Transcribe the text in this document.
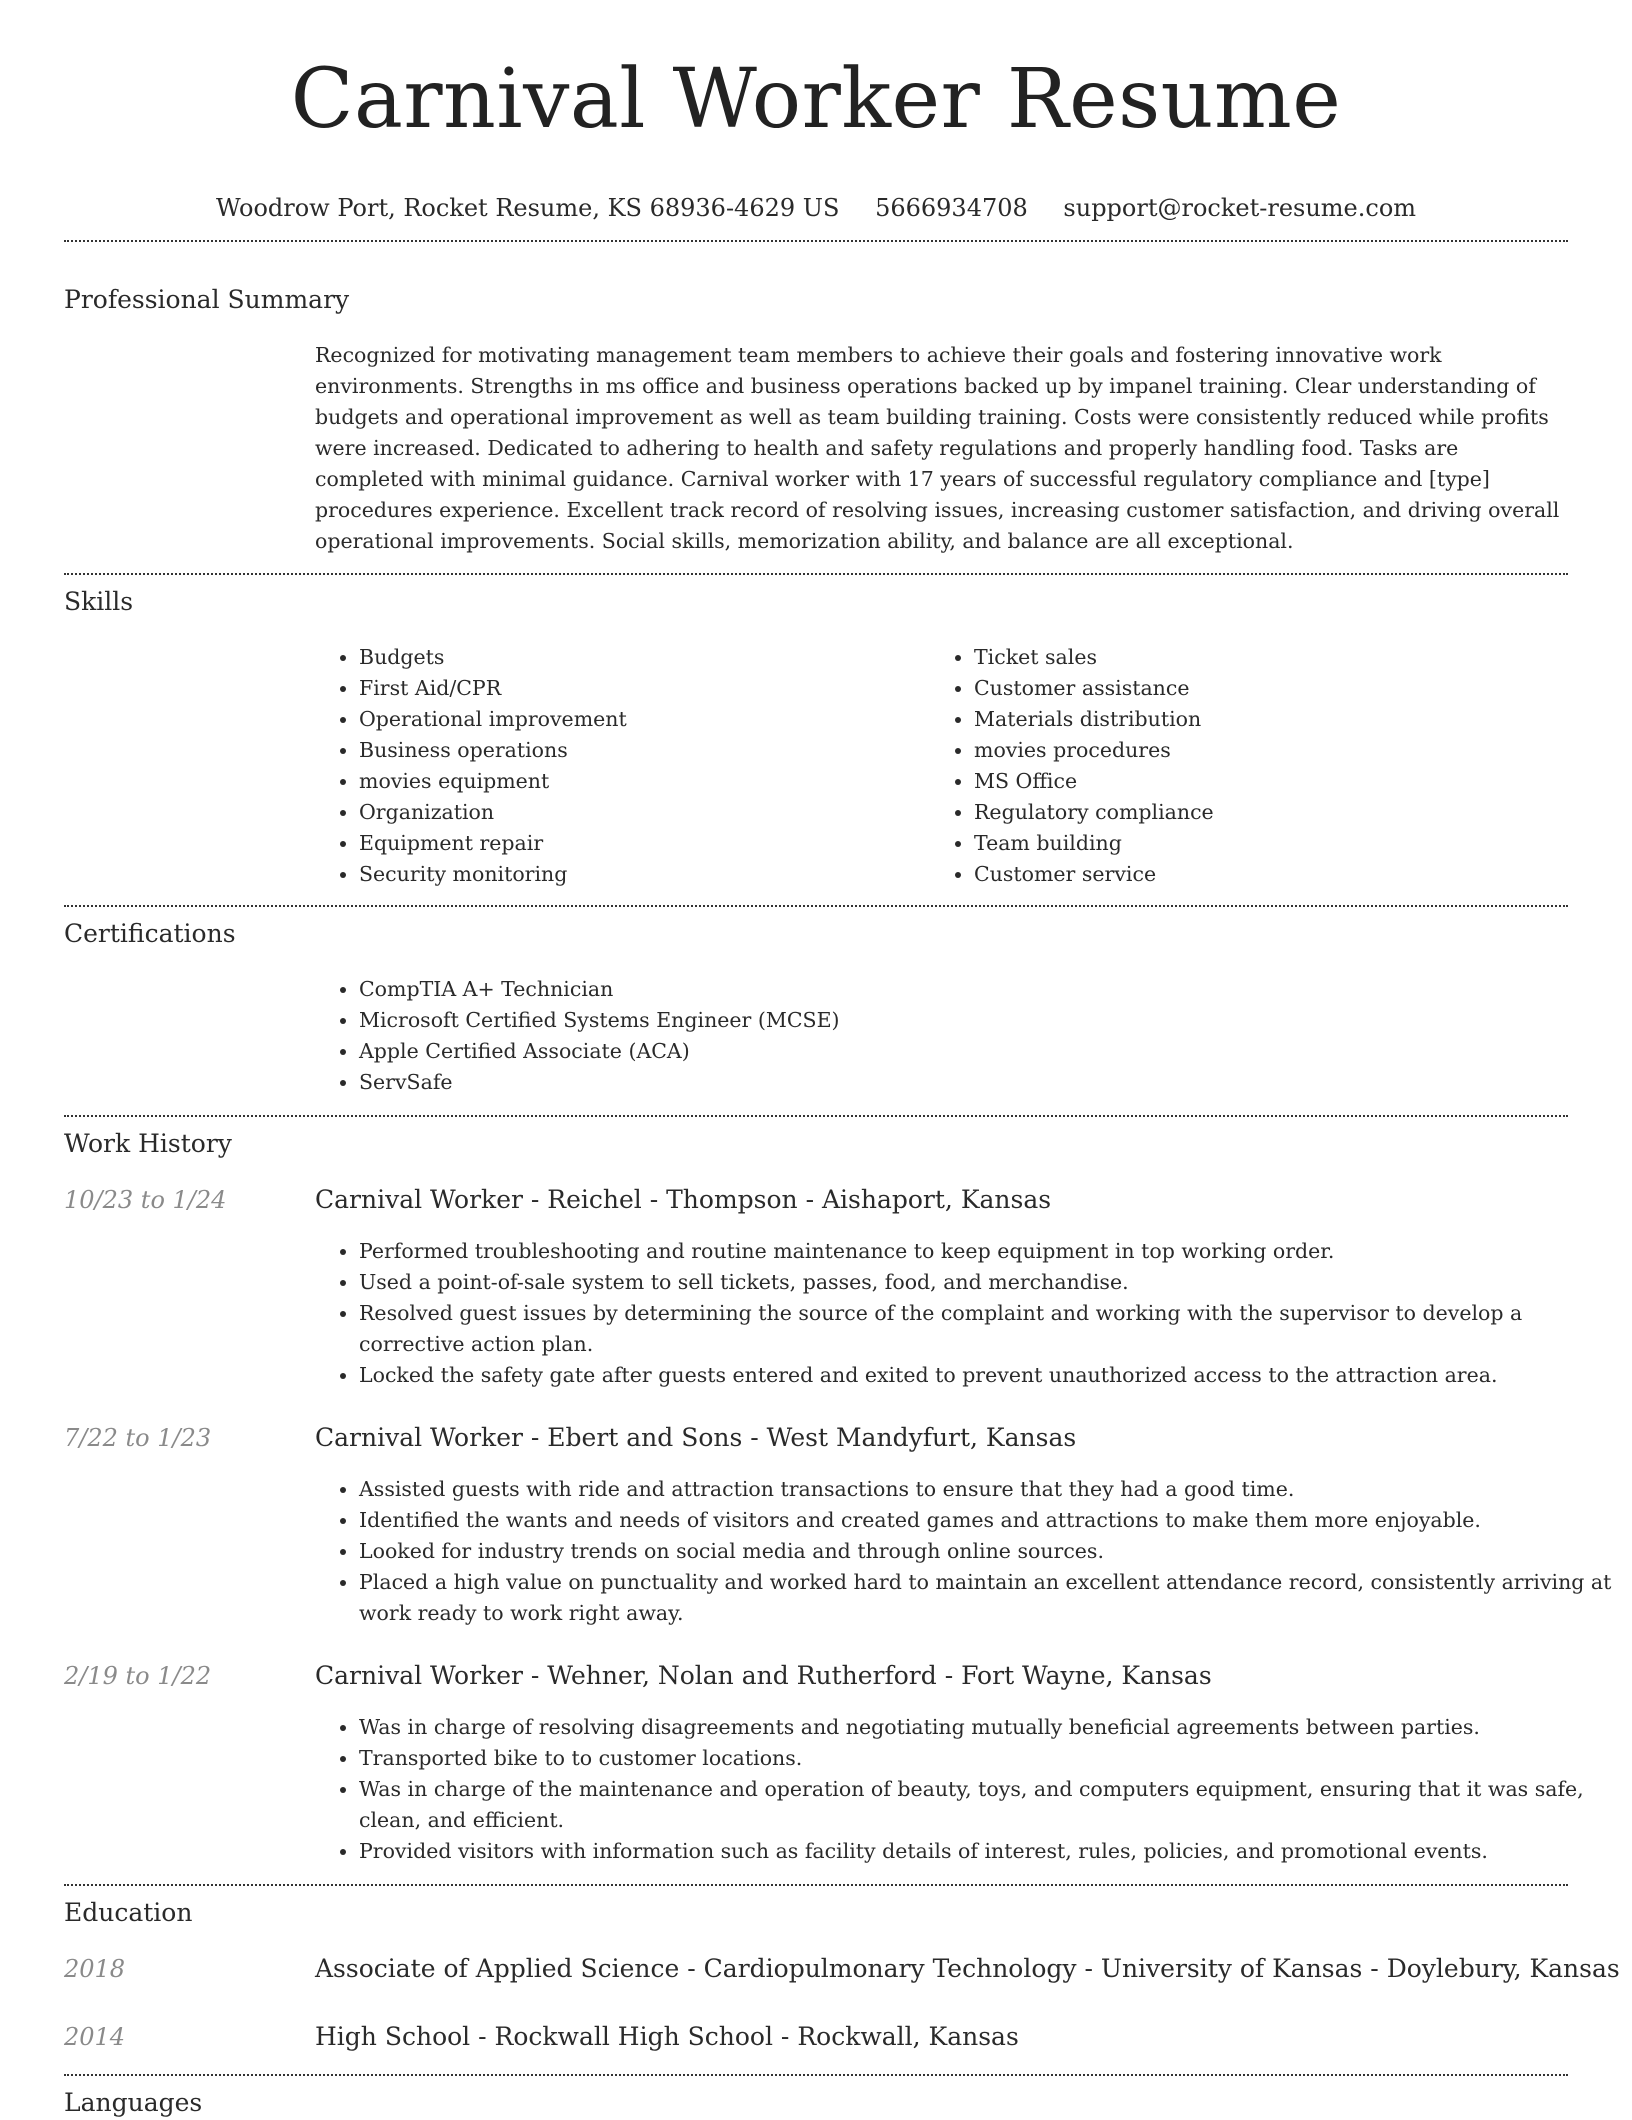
Carnival Worker Resume
Woodrow Port, Rocket Resume, KS 68936-4629 US 5666934708 support@rocket-resume.com
Professional Summary
Recognized for motivating management team members to achieve their goals and fostering innovative work environments. Strengths in ms office and business operations backed up by impanel training. Clear understanding of budgets and operational improvement as well as team building training. Costs were consistently reduced while profits were increased. Dedicated to adhering to health and safety regulations and properly handling food. Tasks are completed with minimal guidance. Carnival worker with 17 years of successful regulatory compliance and [type] procedures experience. Excellent track record of resolving issues, increasing customer satisfaction, and driving overall operational improvements. Social skills, memorization ability, and balance are all exceptional.
Skills
• Budgets
• First Aid/CPR
• Operational improvement
• Business operations
• movies equipment
• Organization
• Equipment repair
• Security monitoring
• Ticket sales
• Customer assistance
• Materials distribution
• movies procedures
• MS Office
• Regulatory compliance
• Team building
• Customer service
Certifications
• CompTIA A+ Technician
• Microsoft Certified Systems Engineer (MCSE)
• Apple Certified Associate (ACA)
• ServSafe
Work History
10/23 to 1/24	Carnival Worker - Reichel - Thompson - Aishaport, Kansas
• Performed troubleshooting and routine maintenance to keep equipment in top working order.
• Used a point-of-sale system to sell tickets, passes, food, and merchandise.
• Resolved guest issues by determining the source of the complaint and working with the supervisor to develop a corrective action plan.
• Locked the safety gate after guests entered and exited to prevent unauthorized access to the attraction area.
7/22 to 1/23	Carnival Worker - Ebert and Sons - West Mandyfurt, Kansas
• Assisted guests with ride and attraction transactions to ensure that they had a good time.
• Identified the wants and needs of visitors and created games and attractions to make them more enjoyable.
• Looked for industry trends on social media and through online sources.
• Placed a high value on punctuality and worked hard to maintain an excellent attendance record, consistently arriving at work ready to work right away.
2/19 to 1/22	Carnival Worker - Wehner, Nolan and Rutherford - Fort Wayne, Kansas
• Was in charge of resolving disagreements and negotiating mutually beneficial agreements between parties.
• Transported bike to to customer locations.
• Was in charge of the maintenance and operation of beauty, toys, and computers equipment, ensuring that it was safe, clean, and efficient.
• Provided visitors with information such as facility details of interest, rules, policies, and promotional events.
Education
2018	Associate of Applied Science - Cardiopulmonary Technology - University of Kansas - Doylebury, Kansas
2014	High School - Rockwall High School - Rockwall, Kansas
Languages
